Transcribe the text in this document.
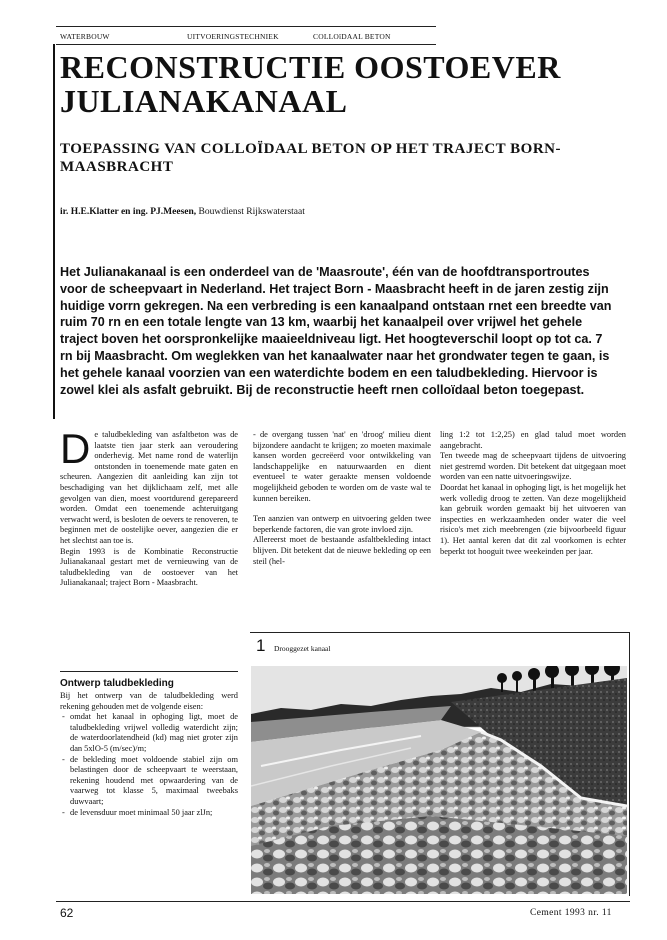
WATERBOUW	UITVOERINGSTECHNIEK	COLLOïDAAL BETON
RECONSTRUCTIE OOSTOEVER JULIANAKANAAL
TOEPASSING VAN COLLOÏDAAL BETON OP HET TRAJECT BORN-MAASBRACHT
ir. H.E.Klatter en ing. PJ.Meesen, Bouwdienst Rijkswaterstaat

Het Julianakanaal is een onderdeel van de 'Maasroute', één van de hoofdtransportroutes voor de scheepvaart in Nederland. Het traject Born - Maasbracht heeft in de jaren zestig zijn huidige vorrn gekregen. Na een verbreding is een kanaalpand ontstaan rnet een breedte van ruim 70 rn en een totale lengte van 13 km, waarbij het kanaalpeil over vrijwel het gehele traject boven het oorspronkelijke maaieeldniveau ligt. Het hoogteverschil loopt op tot ca. 7 rn bij Maasbracht. Om weglekken van het kanaalwater naar het grondwater tegen te gaan, is het gehele kanaal voorzien van een waterdichte bodem en een taludbekleding. Hiervoor is zowel klei als asfalt gebruikt. Bij de reconstructie heeft rnen colloïdaal beton toegepast.

D e taludbekleding van asfaltbeton was de laatste tien jaar sterk aan veroudering onderhevig. Met name rond de waterlijn ontstonden in toenemende mate gaten en scheuren. Aangezien dit aanleiding kan zijn tot beschadiging van het dijklichaam zelf, met alle gevolgen van dien, moest voortdurend gerepareerd worden. Omdat een toenemende achteruitgang verwacht werd, is besloten de oevers te renoveren, te beginnen met de oostelijke oever, aangezien die er het slechtst aan toe is.

Begin 1993 is de Kombinatie Reconstructie Julianakanaal gestart met de vernieuwing van de taludbekleding van de oostoever van het Julianakanaal; traject Born - Maasbracht.

Ontwerp taludbekleding

Bij het ontwerp van de taludbekleding werd rekening gehouden met de volgende eisen:

- omdat het kanaal in ophoging ligt, moet de taludbekleding vrijwel volledig waterdicht zijn; de waterdoorlatendheid (kd) mag niet groter zijn dan 5xlO-5 (m/sec)/m;
- de bekleding moet voldoende stabiel zijn om belastingen door de scheepvaart te weerstaan, rekening houdend met opwaardering van de vaarweg tot klasse 5, maximaal tweebaks duwvaart;
- de levensduur moet minimaal 50 jaar zlJn;

- de overgang tussen 'nat' en 'droog' milieu dient bijzondere aandacht te krijgen; zo moeten maximale kansen worden gecreëerd voor ontwikkeling van landschappelijke en natuurwaarden en dient eventueel te water geraakte mensen voldoende mogelijkheid geboden te worden om de vaste wal te kunnen bereiken.

Ten aanzien van ontwerp en uitvoering gelden twee beperkende factoren, die van grote invloed zijn.

Allereerst moet de bestaande asfaltbekleding intact blijven. Dit betekent dat de nieuwe bekleding op een steil (hel-

ling 1:2 tot 1:2,25) en glad talud moet worden aangebracht.

Ten tweede mag de scheepvaart tijdens de uitvoering niet gestremd worden. Dit betekent dat uitgegaan moet worden van een natte uitvoeringswijze.

Doordat het kanaal in ophoging ligt, is het mogelijk het werk volledig droog te zetten. Van deze mogelijkheid kan gebruik worden gemaakt bij het uitvoeren van inspecties en werkzaamheden onder water die veel risico's met zich meebrengen (zie bijvoorbeeld figuur 1). Het aantal keren dat dit zal voorkomen is echter beperkt tot hooguit twee weekeinden per jaar.

1 Drooggezet kanaal
62	Cement 1993 nr. 11
